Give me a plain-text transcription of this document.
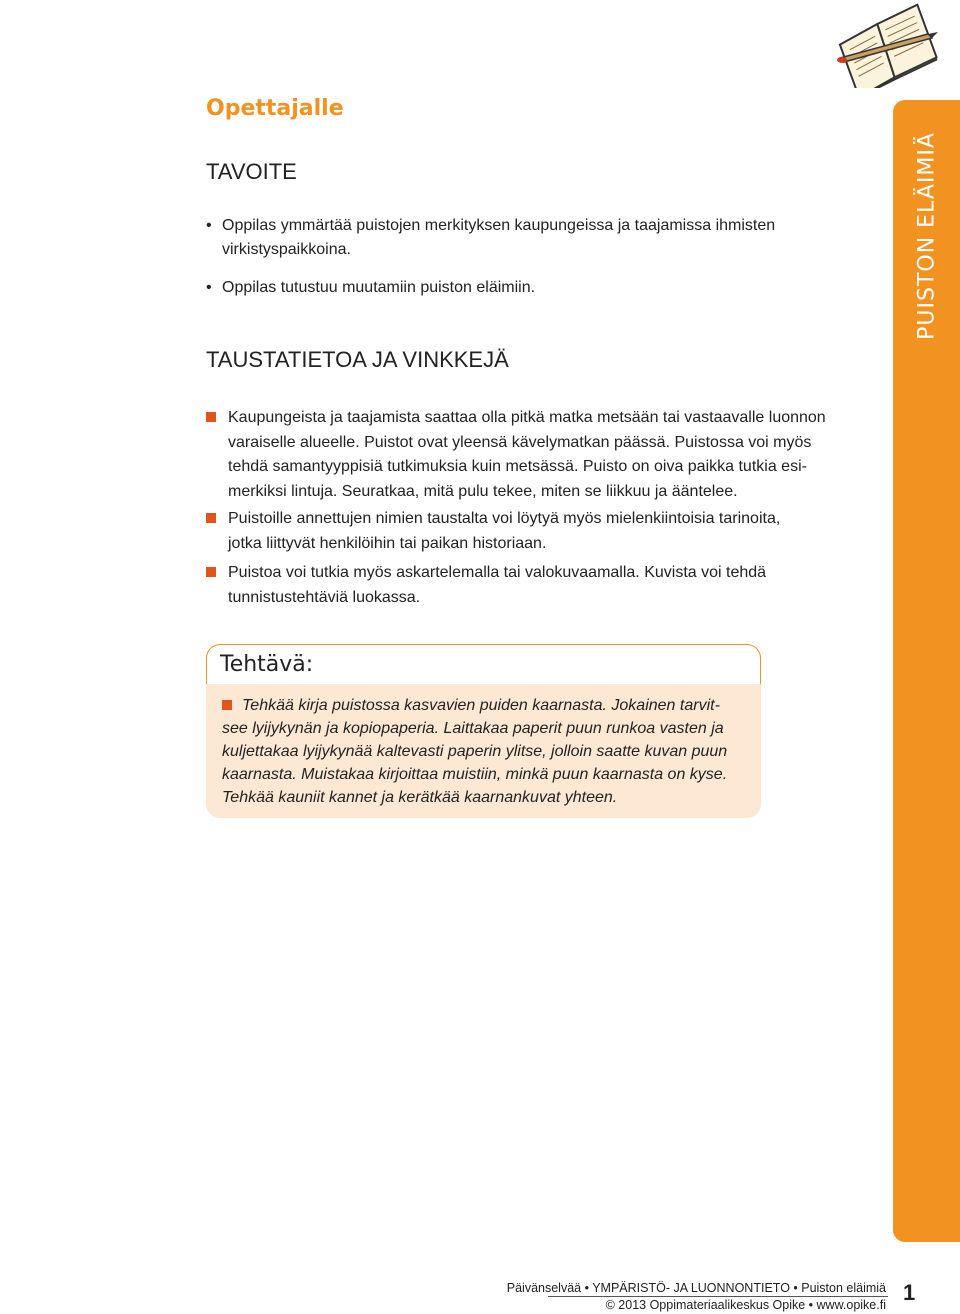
PUISTON ELÄIMIÄ
Opettajalle
TAVOITE
• Oppilas ymmärtää puistojen merkityksen kaupungeissa ja taajamissa ihmisten
virkistyspaikkoina.
• Oppilas tutustuu muutamiin puiston eläimiin.
TAUSTATIETOA JA VINKKEJÄ
Kaupungeista ja taajamista saattaa olla pitkä matka metsään tai vastaavalle luonnon
varaiselle alueelle. Puistot ovat yleensä kävelymatkan päässä. Puistossa voi myös
tehdä samantyyppisiä tutkimuksia kuin metsässä. Puisto on oiva paikka tutkia esi-
merkiksi lintuja. Seuratkaa, mitä pulu tekee, miten se liikkuu ja ääntelee.
Puistoille annettujen nimien taustalta voi löytyä myös mielenkiintoisia tarinoita,
jotka liittyvät henkilöihin tai paikan historiaan.
Puistoa voi tutkia myös askartelemalla tai valokuvaamalla. Kuvista voi tehdä
tunnistustehtäviä luokassa.
Tehtävä:
Tehkää kirja puistossa kasvavien puiden kaarnasta. Jokainen tarvit-
see lyijykynän ja kopiopaperia. Laittakaa paperit puun runkoa vasten ja
kuljettakaa lyijykynää kaltevasti paperin ylitse, jolloin saatte kuvan puun
kaarnasta. Muistakaa kirjoittaa muistiin, minkä puun kaarnasta on kyse.
Tehkää kauniit kannet ja kerätkää kaarnankuvat yhteen.
Päivänselvää • YMPÄRISTÖ- JA LUONNONTIETO • Puiston eläimiä
© 2013 Oppimateriaalikeskus Opike • www.opike.fi 1
